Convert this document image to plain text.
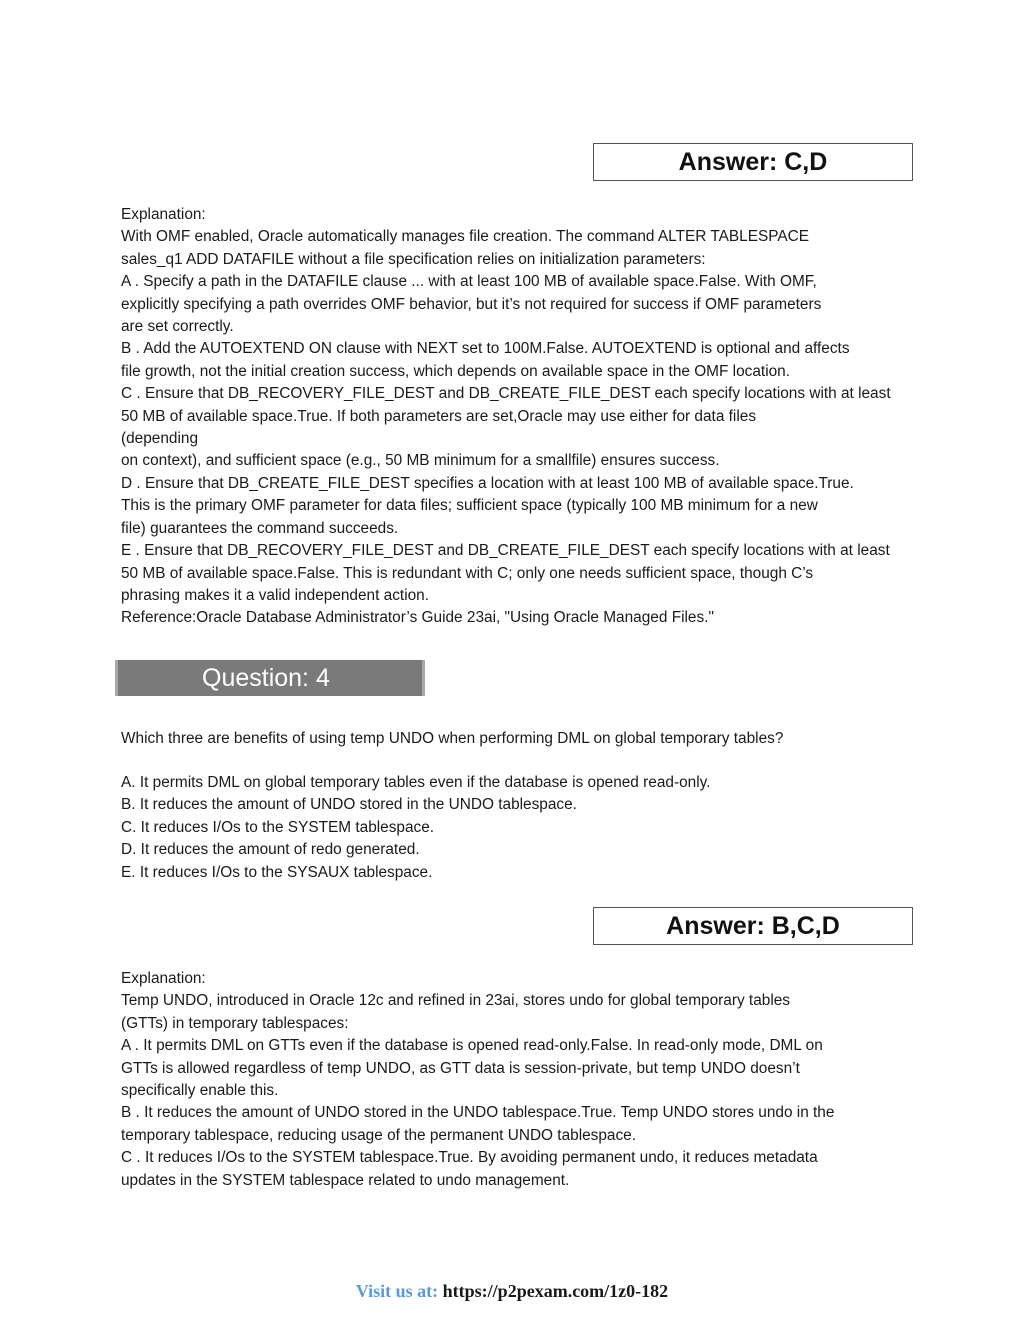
Answer: C,D
Explanation:
With OMF enabled, Oracle automatically manages file creation. The command ALTER TABLESPACE
sales_q1 ADD DATAFILE without a file specification relies on initialization parameters:
A . Specify a path in the DATAFILE clause ... with at least 100 MB of available space.False. With OMF,
explicitly specifying a path overrides OMF behavior, but it’s not required for success if OMF parameters
are set correctly.
B . Add the AUTOEXTEND ON clause with NEXT set to 100M.False. AUTOEXTEND is optional and affects
file growth, not the initial creation success, which depends on available space in the OMF location.
C . Ensure that DB_RECOVERY_FILE_DEST and DB_CREATE_FILE_DEST each specify locations with at least
50 MB of available space.True. If both parameters are set,Oracle may use either for data files
(depending
on context), and sufficient space (e.g., 50 MB minimum for a smallfile) ensures success.
D . Ensure that DB_CREATE_FILE_DEST specifies a location with at least 100 MB of available space.True.
This is the primary OMF parameter for data files; sufficient space (typically 100 MB minimum for a new
file) guarantees the command succeeds.
E . Ensure that DB_RECOVERY_FILE_DEST and DB_CREATE_FILE_DEST each specify locations with at least
50 MB of available space.False. This is redundant with C; only one needs sufficient space, though C’s
phrasing makes it a valid independent action.
Reference:Oracle Database Administrator’s Guide 23ai, "Using Oracle Managed Files."
Question: 4
Which three are benefits of using temp UNDO when performing DML on global temporary tables?
A. It permits DML on global temporary tables even if the database is opened read-only.
B. It reduces the amount of UNDO stored in the UNDO tablespace.
C. It reduces I/Os to the SYSTEM tablespace.
D. It reduces the amount of redo generated.
E. It reduces I/Os to the SYSAUX tablespace.
Answer: B,C,D
Explanation:
Temp UNDO, introduced in Oracle 12c and refined in 23ai, stores undo for global temporary tables
(GTTs) in temporary tablespaces:
A . It permits DML on GTTs even if the database is opened read-only.False. In read-only mode, DML on
GTTs is allowed regardless of temp UNDO, as GTT data is session-private, but temp UNDO doesn’t
specifically enable this.
B . It reduces the amount of UNDO stored in the UNDO tablespace.True. Temp UNDO stores undo in the
temporary tablespace, reducing usage of the permanent UNDO tablespace.
C . It reduces I/Os to the SYSTEM tablespace.True. By avoiding permanent undo, it reduces metadata
updates in the SYSTEM tablespace related to undo management.
Visit us at: https://p2pexam.com/1z0-182
